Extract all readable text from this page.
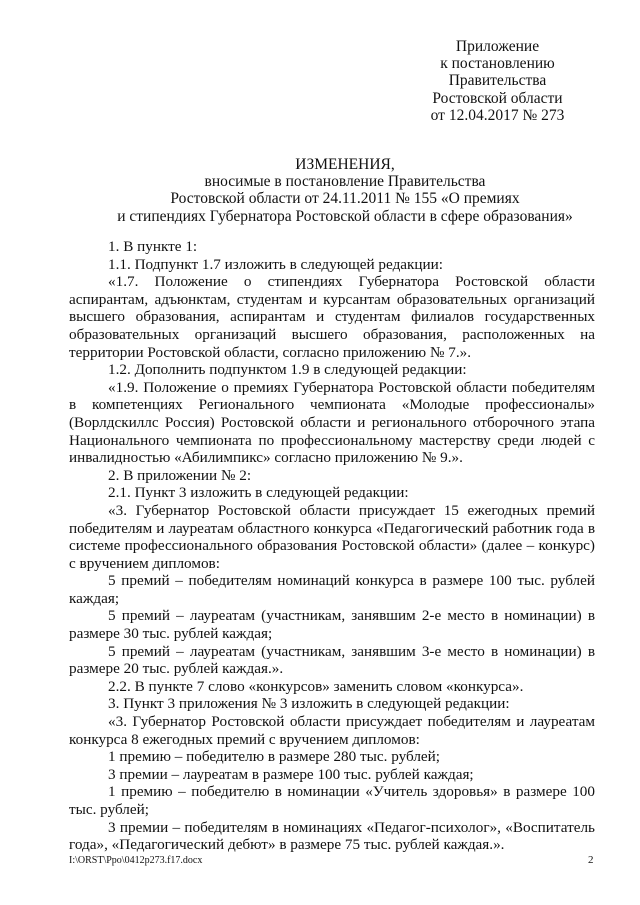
Приложение
к постановлению
Правительства
Ростовской области
от 12.04.2017 № 273
ИЗМЕНЕНИЯ,
вносимые в постановление Правительства
Ростовской области от 24.11.2011 № 155 «О премиях
и стипендиях Губернатора Ростовской области в сфере образования»

1. В пункте 1:

1.1. Подпункт 1.7 изложить в следующей редакции:

«1.7. Положение о стипендиях Губернатора Ростовской области аспирантам, адъюнктам, студентам и курсантам образовательных организаций высшего образования, аспирантам и студентам филиалов государственных образовательных организаций высшего образования, расположенных на территории Ростовской области, согласно приложению № 7.».

1.2. Дополнить подпунктом 1.9 в следующей редакции:

«1.9. Положение о премиях Губернатора Ростовской области победителям в компетенциях Регионального чемпионата «Молодые профессионалы» (Ворлдскиллс Россия) Ростовской области и регионального отборочного этапа Национального чемпионата по профессиональному мастерству среди людей с инвалидностью «Абилимпикс» согласно приложению № 9.».

2. В приложении № 2:

2.1. Пункт 3 изложить в следующей редакции:

«3. Губернатор Ростовской области присуждает 15 ежегодных премий победителям и лауреатам областного конкурса «Педагогический работник года в системе профессионального образования Ростовской области» (далее – конкурс) с вручением дипломов:

5 премий – победителям номинаций конкурса в размере 100 тыс. рублей каждая;

5 премий – лауреатам (участникам, занявшим 2-е место в номинации) в размере 30 тыс. рублей каждая;

5 премий – лауреатам (участникам, занявшим 3-е место в номинации) в размере 20 тыс. рублей каждая.».

2.2. В пункте 7 слово «конкурсов» заменить словом «конкурса».

3. Пункт 3 приложения № 3 изложить в следующей редакции:

«3. Губернатор Ростовской области присуждает победителям и лауреатам конкурса 8 ежегодных премий с вручением дипломов:

1 премию – победителю в размере 280 тыс. рублей;

3 премии – лауреатам в размере 100 тыс. рублей каждая;

1 премию – победителю в номинации «Учитель здоровья» в размере 100 тыс. рублей;

3 премии – победителям в номинациях «Педагог-психолог», «Воспитатель года», «Педагогический дебют» в размере 75 тыс. рублей каждая.».

I:\ORST\Ppo\0412p273.f17.docx	2
